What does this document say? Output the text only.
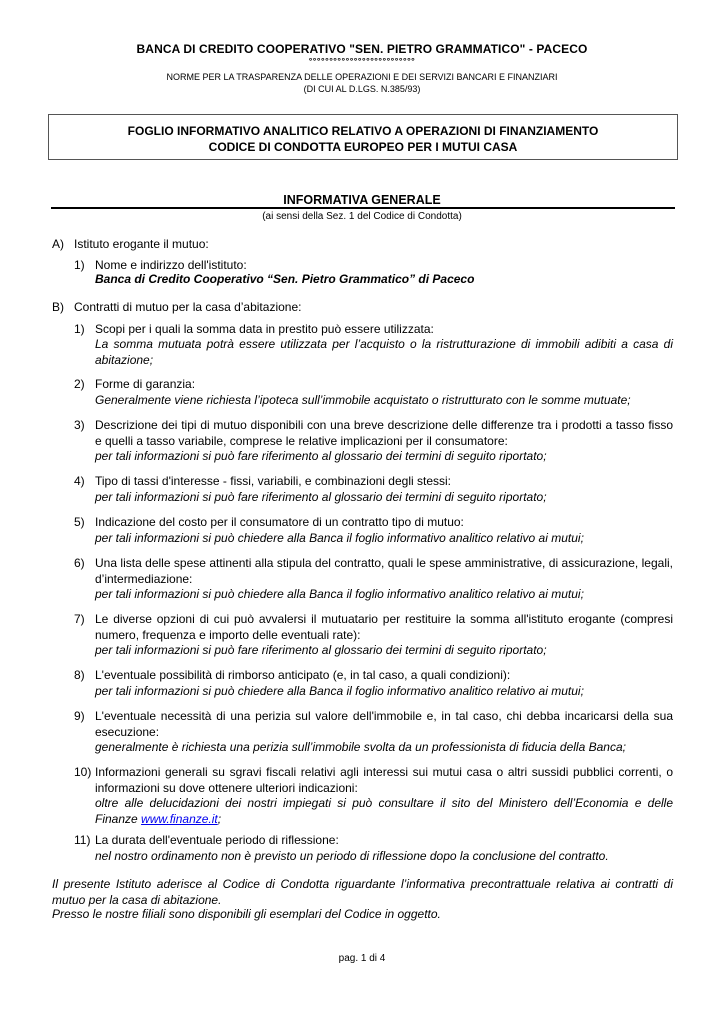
BANCA DI CREDITO COOPERATIVO "SEN. PIETRO GRAMMATICO" - PACECO
°°°°°°°°°°°°°°°°°°°°°°°°°°
NORME PER LA TRASPARENZA DELLE OPERAZIONI E DEI SERVIZI BANCARI E FINANZIARI
(DI CUI AL D.LGS. N.385/93)
FOGLIO INFORMATIVO ANALITICO RELATIVO A OPERAZIONI DI FINANZIAMENTO
CODICE DI CONDOTTA EUROPEO PER I MUTUI CASA
INFORMATIVA GENERALE
(ai sensi della Sez. 1 del Codice di Condotta)
A) Istituto erogante il mutuo:
1) Nome e indirizzo dell'istituto:
Banca di Credito Cooperativo “Sen. Pietro Grammatico” di Paceco
B) Contratti di mutuo per la casa d’abitazione:
1) Scopi per i quali la somma data in prestito può essere utilizzata:
La somma mutuata potrà essere utilizzata per l’acquisto o la ristrutturazione di immobili adibiti a casa di abitazione;
2) Forme di garanzia:
Generalmente viene richiesta l’ipoteca sull’immobile acquistato o ristrutturato con le somme mutuate;
3) Descrizione dei tipi di mutuo disponibili con una breve descrizione delle differenze tra i prodotti a tasso fisso e quelli a tasso variabile, comprese le relative implicazioni per il consumatore:
per tali informazioni si può fare riferimento al glossario dei termini di seguito riportato;
4) Tipo di tassi d'interesse - fissi, variabili, e combinazioni degli stessi:
per tali informazioni si può fare riferimento al glossario dei termini di seguito riportato;
5) Indicazione del costo per il consumatore di un contratto tipo di mutuo:
per tali informazioni si può chiedere alla Banca il foglio informativo analitico relativo ai mutui;
6) Una lista delle spese attinenti alla stipula del contratto, quali le spese amministrative, di assicurazione, legali, d’intermediazione:
per tali informazioni si può chiedere alla Banca il foglio informativo analitico relativo ai mutui;
7) Le diverse opzioni di cui può avvalersi il mutuatario per restituire la somma all'istituto erogante (compresi numero, frequenza e importo delle eventuali rate):
per tali informazioni si può fare riferimento al glossario dei termini di seguito riportato;
8) L'eventuale possibilità di rimborso anticipato (e, in tal caso, a quali condizioni):
per tali informazioni si può chiedere alla Banca il foglio informativo analitico relativo ai mutui;
9) L'eventuale necessità di una perizia sul valore dell'immobile e, in tal caso, chi debba incaricarsi della sua esecuzione:
generalmente è richiesta una perizia sull’immobile svolta da un professionista di fiducia della Banca;
10) Informazioni generali su sgravi fiscali relativi agli interessi sui mutui casa o altri sussidi pubblici correnti, o informazioni su dove ottenere ulteriori indicazioni:
oltre alle delucidazioni dei nostri impiegati si può consultare il sito del Ministero dell’Economia e delle Finanze www.finanze.it;
11) La durata dell'eventuale periodo di riflessione:
nel nostro ordinamento non è previsto un periodo di riflessione dopo la conclusione del contratto.
Il presente Istituto aderisce al Codice di Condotta riguardante l’informativa precontrattuale relativa ai contratti di mutuo per la casa di abitazione.
Presso le nostre filiali sono disponibili gli esemplari del Codice in oggetto.
pag. 1 di 4
